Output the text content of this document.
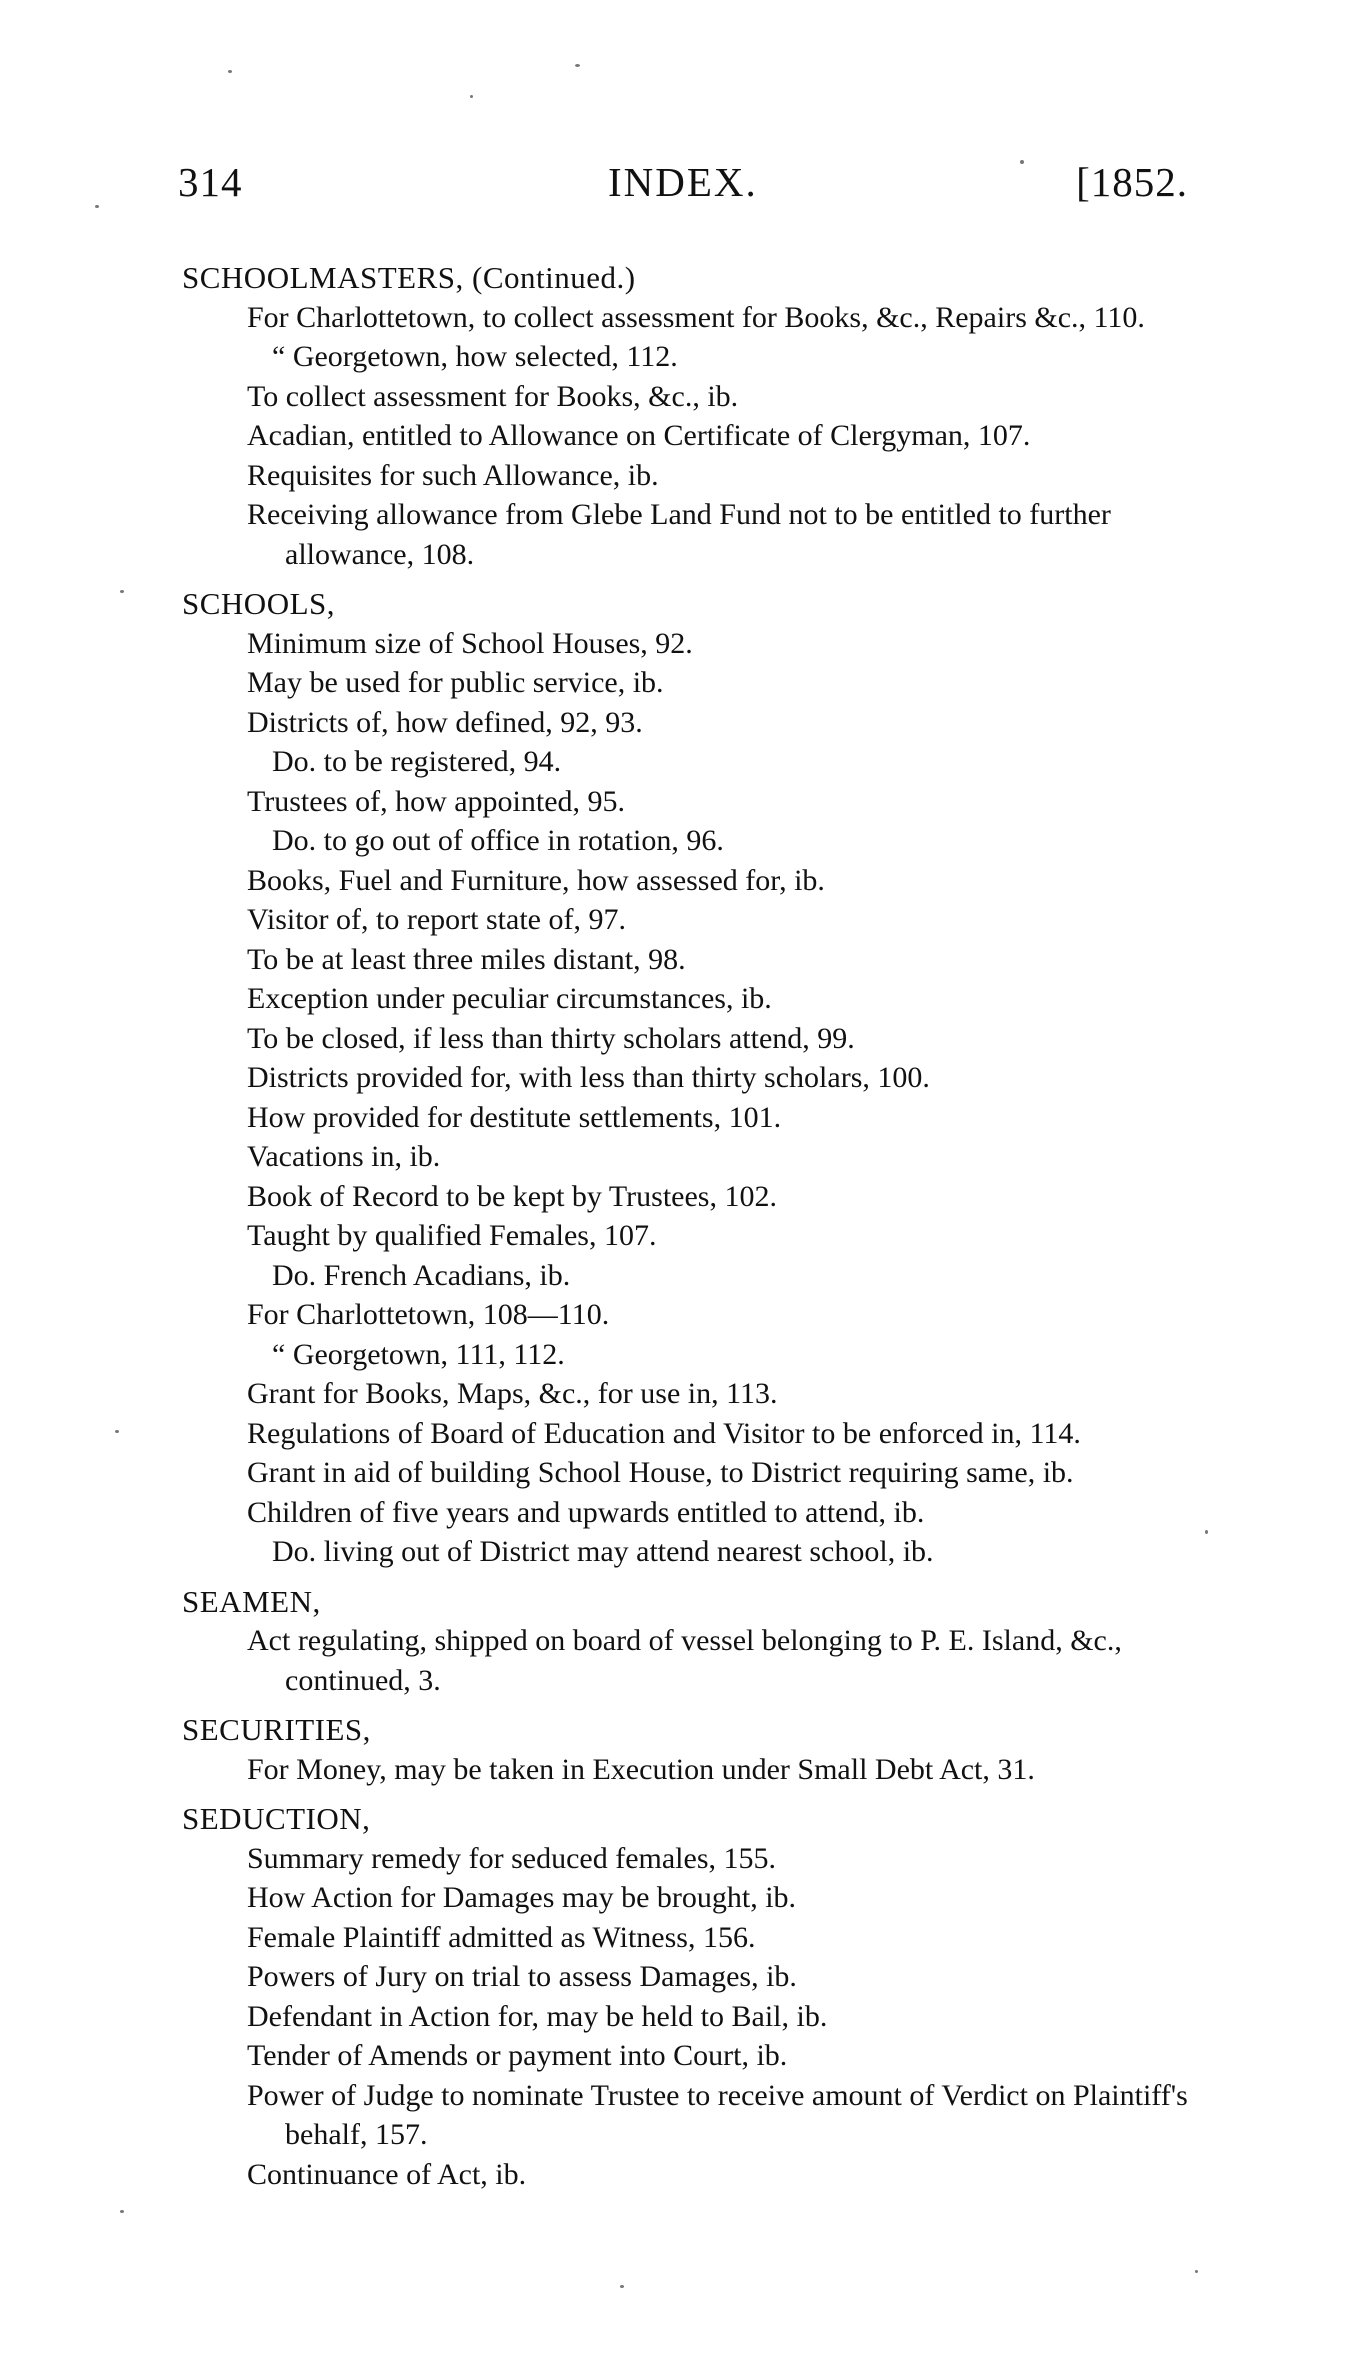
314	INDEX.	[1852.
SCHOOLMASTERS, (Continued.)
For Charlottetown, to collect assessment for Books, &c., Repairs &c., 110.
“ Georgetown, how selected, 112.
To collect assessment for Books, &c., ib.
Acadian, entitled to Allowance on Certificate of Clergyman, 107.
Requisites for such Allowance, ib.
Receiving allowance from Glebe Land Fund not to be entitled to further allowance, 108.
SCHOOLS,
Minimum size of School Houses, 92.
May be used for public service, ib.
Districts of, how defined, 92, 93.
Do. to be registered, 94.
Trustees of, how appointed, 95.
Do. to go out of office in rotation, 96.
Books, Fuel and Furniture, how assessed for, ib.
Visitor of, to report state of, 97.
To be at least three miles distant, 98.
Exception under peculiar circumstances, ib.
To be closed, if less than thirty scholars attend, 99.
Districts provided for, with less than thirty scholars, 100.
How provided for destitute settlements, 101.
Vacations in, ib.
Book of Record to be kept by Trustees, 102.
Taught by qualified Females, 107.
Do. French Acadians, ib.
For Charlottetown, 108—110.
“ Georgetown, 111, 112.
Grant for Books, Maps, &c., for use in, 113.
Regulations of Board of Education and Visitor to be enforced in, 114.
Grant in aid of building School House, to District requiring same, ib.
Children of five years and upwards entitled to attend, ib.
Do. living out of District may attend nearest school, ib.
SEAMEN,
Act regulating, shipped on board of vessel belonging to P. E. Island, &c., continued, 3.
SECURITIES,
For Money, may be taken in Execution under Small Debt Act, 31.
SEDUCTION,
Summary remedy for seduced females, 155.
How Action for Damages may be brought, ib.
Female Plaintiff admitted as Witness, 156.
Powers of Jury on trial to assess Damages, ib.
Defendant in Action for, may be held to Bail, ib.
Tender of Amends or payment into Court, ib.
Power of Judge to nominate Trustee to receive amount of Verdict on Plaintiff's behalf, 157.
Continuance of Act, ib.
